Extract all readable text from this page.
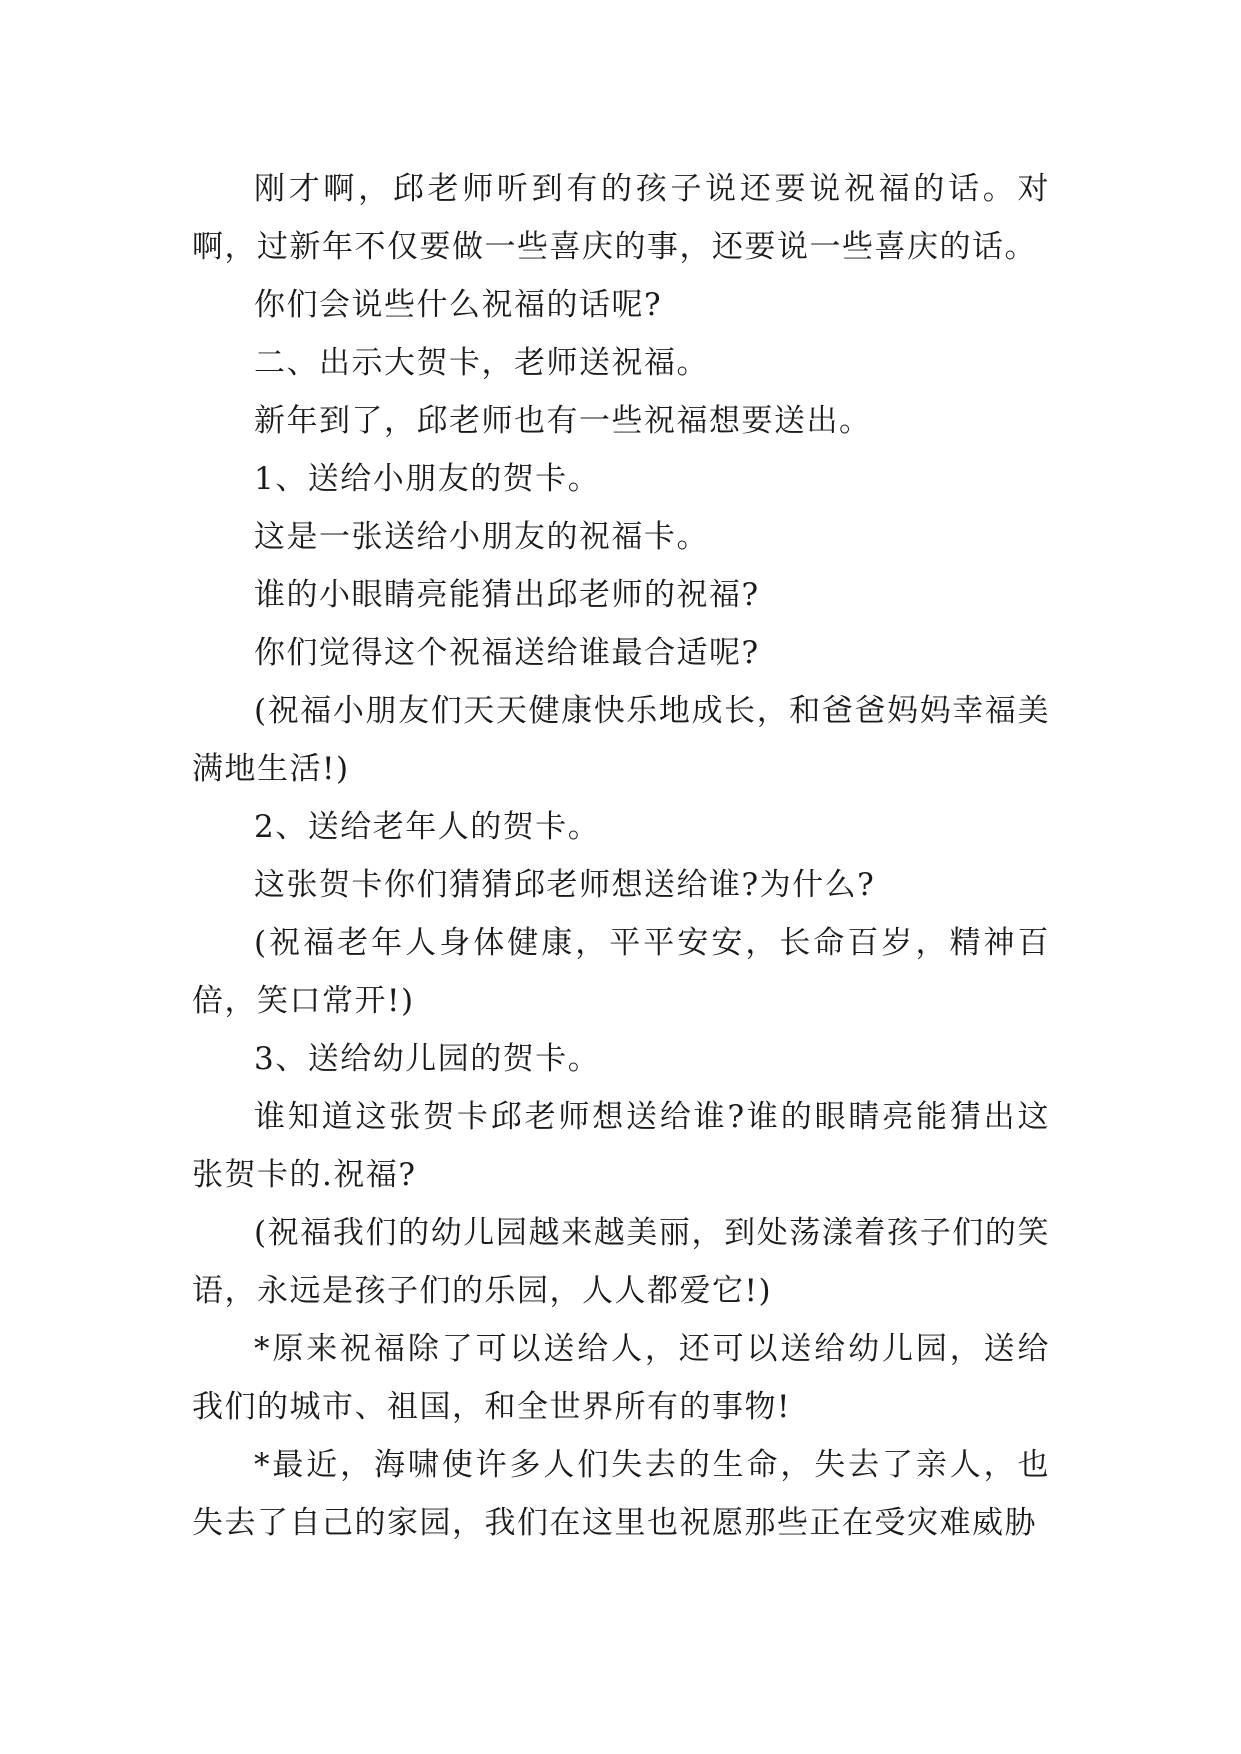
刚才啊，邱老师听到有的孩子说还要说祝福的话。对啊，过新年不仅要做一些喜庆的事，还要说一些喜庆的话。

你们会说些什么祝福的话呢?

二、出示大贺卡，老师送祝福。

新年到了，邱老师也有一些祝福想要送出。

1、送给小朋友的贺卡。

这是一张送给小朋友的祝福卡。

谁的小眼睛亮能猜出邱老师的祝福?

你们觉得这个祝福送给谁最合适呢?

(祝福小朋友们天天健康快乐地成长，和爸爸妈妈幸福美满地生活!)

2、送给老年人的贺卡。

这张贺卡你们猜猜邱老师想送给谁?为什么?

(祝福老年人身体健康，平平安安，长命百岁，精神百倍，笑口常开!)

3、送给幼儿园的贺卡。

谁知道这张贺卡邱老师想送给谁?谁的眼睛亮能猜出这张贺卡的.祝福?

(祝福我们的幼儿园越来越美丽，到处荡漾着孩子们的笑语，永远是孩子们的乐园，人人都爱它!)

*原来祝福除了可以送给人，还可以送给幼儿园，送给我们的城市、祖国，和全世界所有的事物!

*最近，海啸使许多人们失去的生命，失去了亲人，也失去了自己的家园，我们在这里也祝愿那些正在受灾难威胁
